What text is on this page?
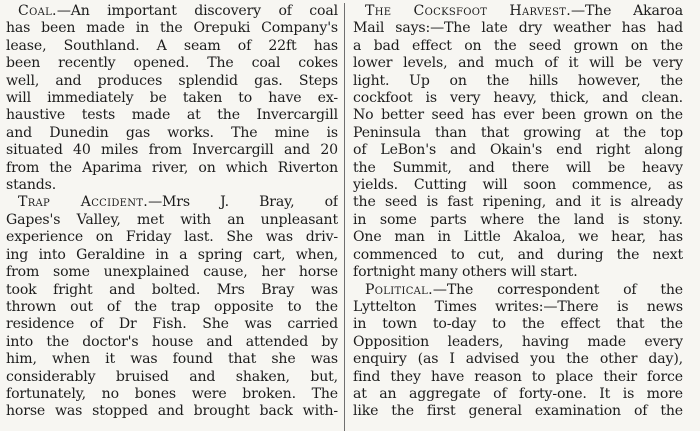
Coal.—An important discovery of coal
has been made in the Orepuki Company's
lease, Southland. A seam of 22ft has
been recently opened. The coal cokes
well, and produces splendid gas. Steps
will immediately be taken to have ex-
haustive tests made at the Invercargill
and Dunedin gas works. The mine is
situated 40 miles from Invercargill and 20
from the Aparima river, on which Riverton
stands.
Trap Accident.—Mrs J. Bray, of
Gapes's Valley, met with an unpleasant
experience on Friday last. She was driv-
ing into Geraldine in a spring cart, when,
from some unexplained cause, her horse
took fright and bolted. Mrs Bray was
thrown out of the trap opposite to the
residence of Dr Fish. She was carried
into the doctor's house and attended by
him, when it was found that she was
considerably bruised and shaken, but,
fortunately, no bones were broken. The
horse was stopped and brought back with-
The Cocksfoot Harvest.—The Akaroa
Mail says:—The late dry weather has had
a bad effect on the seed grown on the
lower levels, and much of it will be very
light. Up on the hills however, the
cockfoot is very heavy, thick, and clean.
No better seed has ever been grown on the
Peninsula than that growing at the top
of LeBon's and Okain's end right along
the Summit, and there will be heavy
yields. Cutting will soon commence, as
the seed is fast ripening, and it is already
in some parts where the land is stony.
One man in Little Akaloa, we hear, has
commenced to cut, and during the next
fortnight many others will start.
Political.—The correspondent of the
Lyttelton Times writes:—There is news
in town to-day to the effect that the
Opposition leaders, having made every
enquiry (as I advised you the other day),
find they have reason to place their force
at an aggregate of forty-one. It is more
like the first general examination of the
